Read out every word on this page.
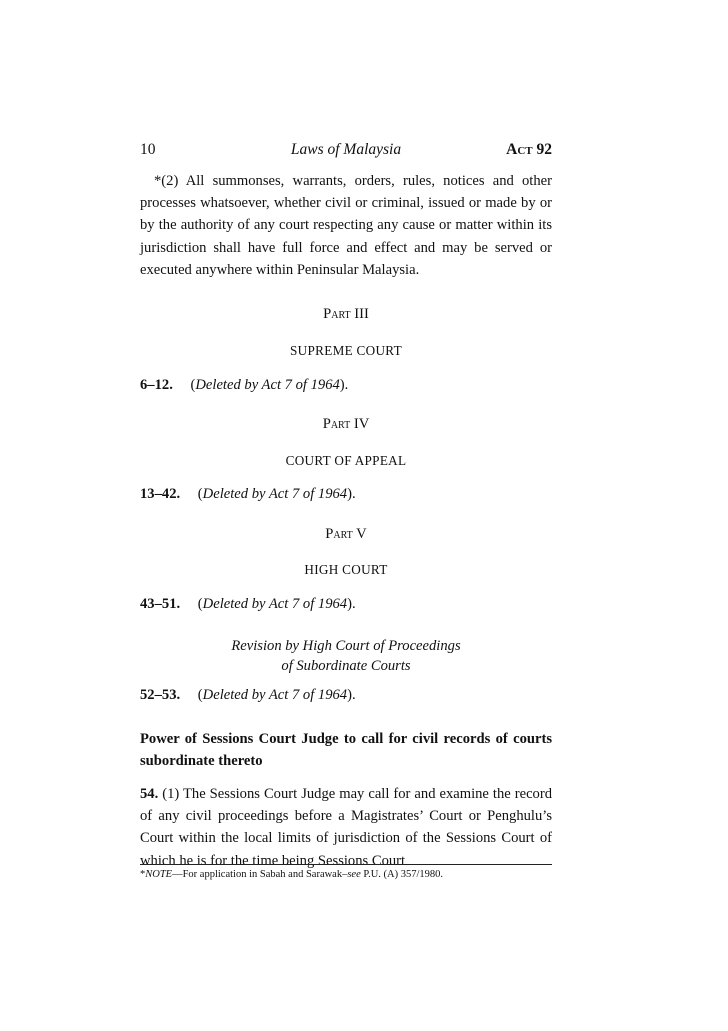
10	Laws of Malaysia	Act 92

*(2) All summonses, warrants, orders, rules, notices and other processes whatsoever, whether civil or criminal, issued or made by or by the authority of any court respecting any cause or matter within its jurisdiction shall have full force and effect and may be served or executed anywhere within Peninsular Malaysia.

Part III
SUPREME COURT
6–12. (Deleted by Act 7 of 1964).
Part IV
COURT OF APPEAL
13–42. (Deleted by Act 7 of 1964).
Part V
HIGH COURT
43–51. (Deleted by Act 7 of 1964).
Revision by High Court of Proceedings
of Subordinate Courts
52–53. (Deleted by Act 7 of 1964).

Power of Sessions Court Judge to call for civil records of courts subordinate thereto

54. (1) The Sessions Court Judge may call for and examine the record of any civil proceedings before a Magistrates’ Court or Penghulu’s Court within the local limits of jurisdiction of the Sessions Court of which he is for the time being Sessions Court

*NOTE—For application in Sabah and Sarawak–see P.U. (A) 357/1980.
